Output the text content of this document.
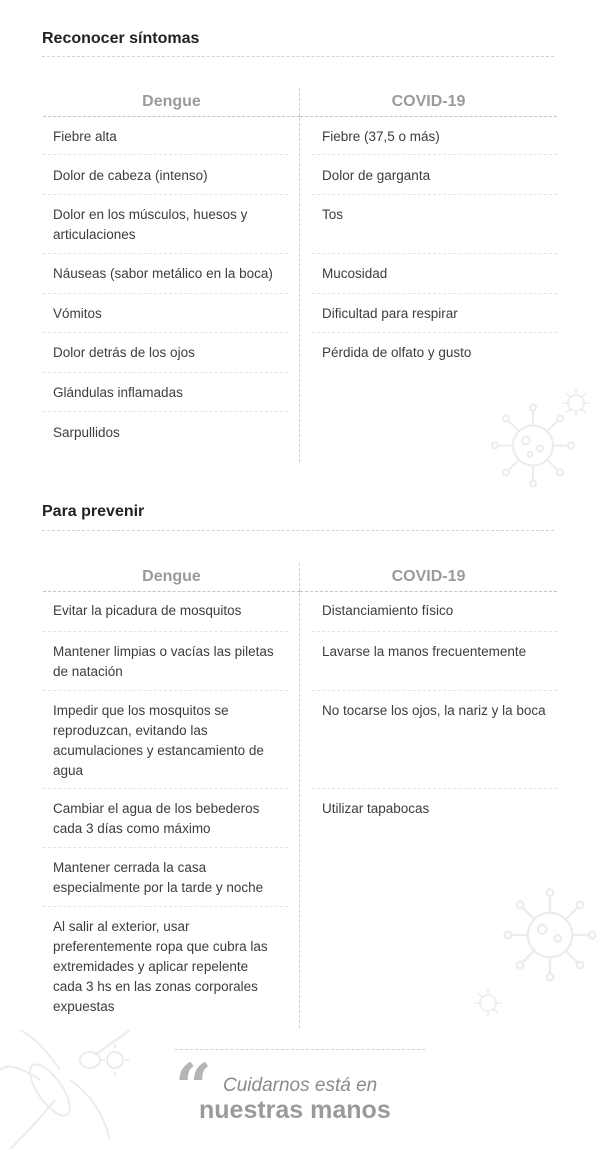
Reconocer síntomas
Dengue
Fiebre alta
Dolor de cabeza (intenso)
Dolor en los músculos, huesos y articulaciones
Náuseas (sabor metálico en la boca)
Vómitos
Dolor detrás de los ojos
Glándulas inflamadas
Sarpullidos
COVID-19
Fiebre (37,5 o más)
Dolor de garganta
Tos
Mucosidad
Dificultad para respirar
Pérdida de olfato y gusto
Para prevenir
Dengue
Evitar la picadura de mosquitos
Mantener limpias o vacías las piletas de natación
Impedir que los mosquitos se reproduzcan, evitando las acumulaciones y estancamiento de agua
Cambiar el agua de los bebederos cada 3 días como máximo
Mantener cerrada la casa especialmente por la tarde y noche
Al salir al exterior, usar preferentemente ropa que cubra las extremidades y aplicar repelente cada 3 hs en las zonas corporales expuestas
COVID-19
Distanciamiento físico
Lavarse la manos frecuentemente
No tocarse los ojos, la nariz y la boca
Utilizar tapabocas
“ Cuidarnos está en
nuestras manos
